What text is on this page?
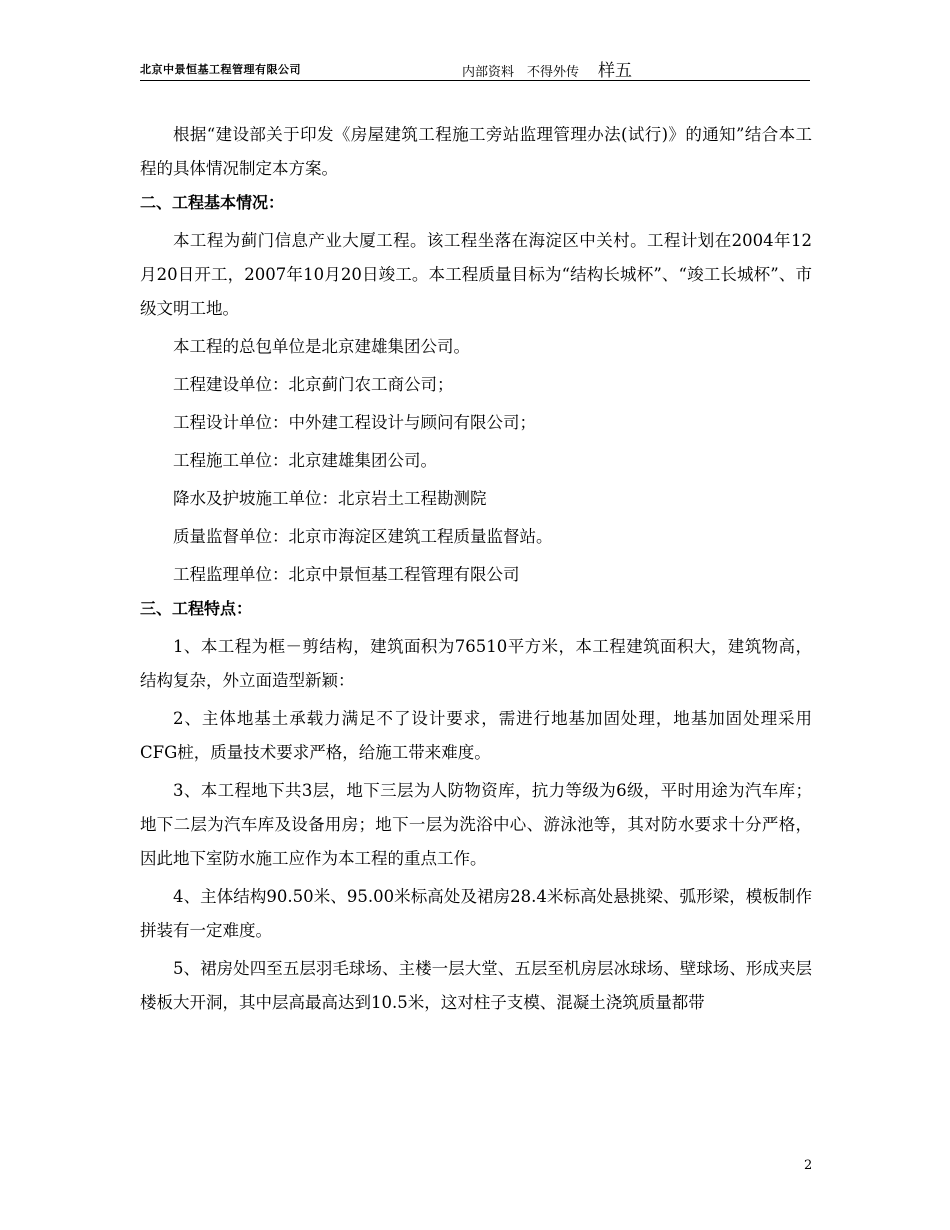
北京中景恒基工程管理有限公司	内部资料　不得外传 样五

根据“建设部关于印发《房屋建筑工程施工旁站监理管理办法(试行)》的通知”结合本工程的具体情况制定本方案。

二、工程基本情况：

本工程为蓟门信息产业大厦工程。该工程坐落在海淀区中关村。工程计划在2004年12月20日开工，2007年10月20日竣工。本工程质量目标为“结构长城杯”、“竣工长城杯”、市级文明工地。

本工程的总包单位是北京建雄集团公司。

工程建设单位：北京蓟门农工商公司；

工程设计单位：中外建工程设计与顾问有限公司；

工程施工单位：北京建雄集团公司。

降水及护坡施工单位：北京岩土工程勘测院

质量监督单位：北京市海淀区建筑工程质量监督站。

工程监理单位：北京中景恒基工程管理有限公司

三、工程特点：

1、本工程为框－剪结构，建筑面积为76510平方米，本工程建筑面积大，建筑物高，结构复杂，外立面造型新颖：

2、主体地基土承载力满足不了设计要求，需进行地基加固处理，地基加固处理采用CFG桩，质量技术要求严格，给施工带来难度。

3、本工程地下共3层，地下三层为人防物资库，抗力等级为6级，平时用途为汽车库；地下二层为汽车库及设备用房；地下一层为洗浴中心、游泳池等，其对防水要求十分严格，因此地下室防水施工应作为本工程的重点工作。

4、主体结构90.50米、95.00米标高处及裙房28.4米标高处悬挑梁、弧形梁，模板制作拼装有一定难度。

5、裙房处四至五层羽毛球场、主楼一层大堂、五层至机房层冰球场、壁球场、形成夹层楼板大开洞，其中层高最高达到10.5米，这对柱子支模、混凝土浇筑质量都带

2
